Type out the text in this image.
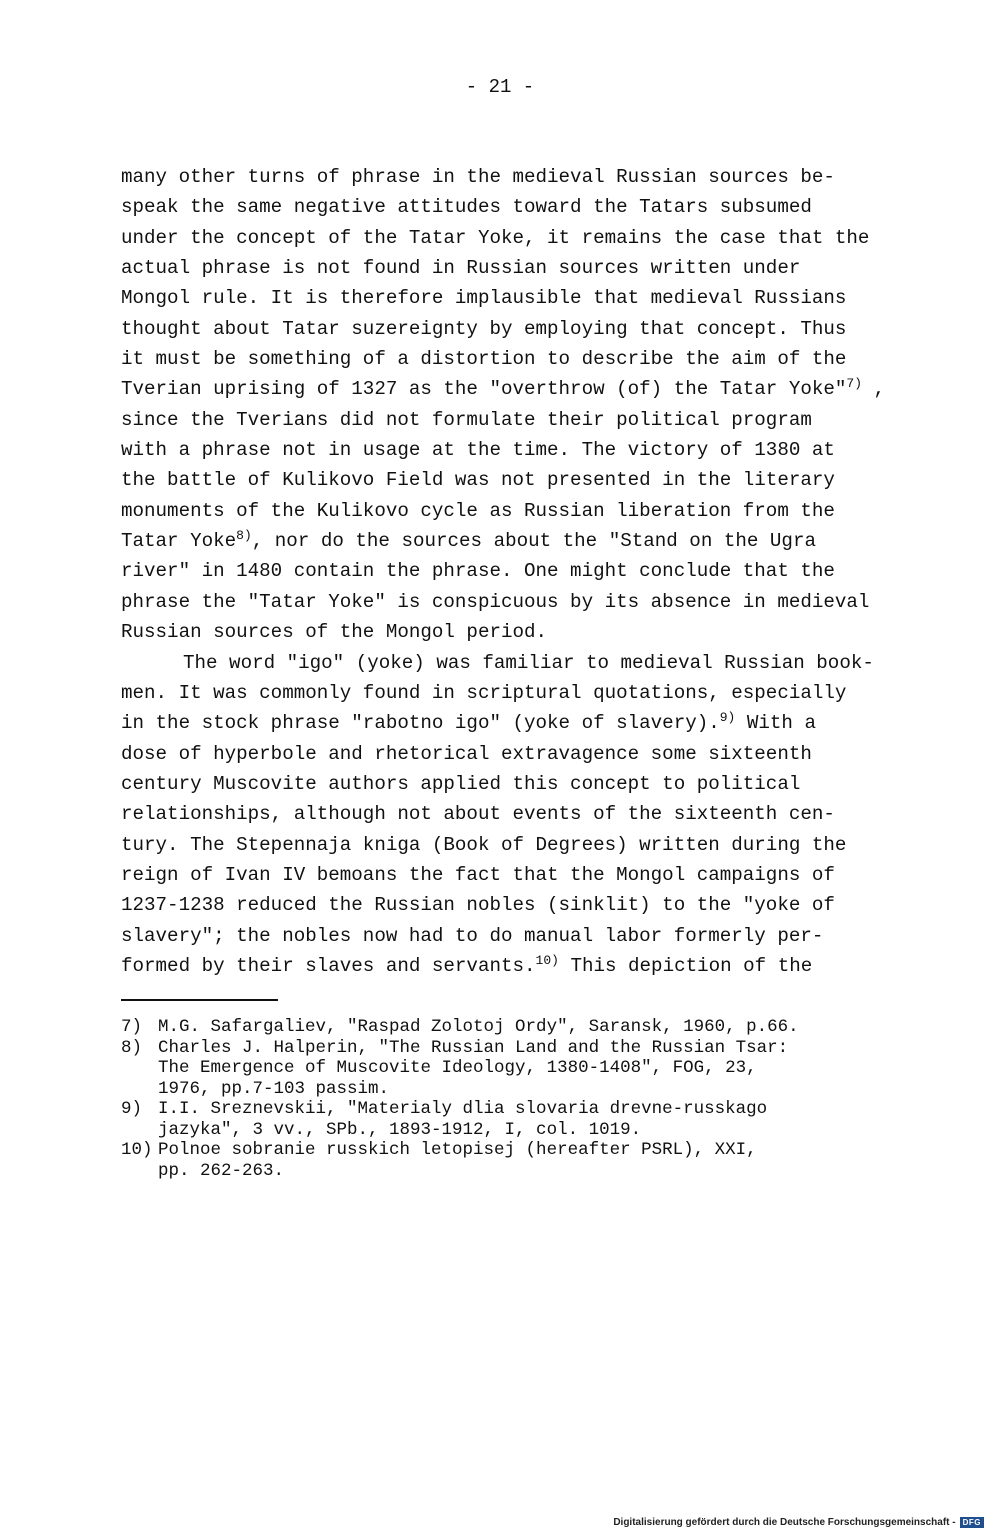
- 21 -
many other turns of phrase in the medieval Russian sources be-
speak the same negative attitudes toward the Tatars subsumed
under the concept of the Tatar Yoke, it remains the case that the
actual phrase is not found in Russian sources written under
Mongol rule. It is therefore implausible that medieval Russians
thought about Tatar suzereignty by employing that concept. Thus
it must be something of a distortion to describe the aim of the
Tverian uprising of 1327 as the "overthrow (of) the Tatar Yoke"$^{7)}$ ,
since the Tverians did not formulate their political program
with a phrase not in usage at the time. The victory of 1380 at
the battle of Kulikovo Field was not presented in the literary
monuments of the Kulikovo cycle as Russian liberation from the
Tatar Yoke$^{8)}$, nor do the sources about the "Stand on the Ugra
river" in 1480 contain the phrase. One might conclude that the
phrase the "Tatar Yoke" is conspicuous by its absence in medieval
Russian sources of the Mongol period.
The word "igo" (yoke) was familiar to medieval Russian book-
men. It was commonly found in scriptural quotations, especially
in the stock phrase "rabotno igo" (yoke of slavery).$^{9)}$ With a
dose of hyperbole and rhetorical extravagence some sixteenth
century Muscovite authors applied this concept to political
relationships, although not about events of the sixteenth cen-
tury. The Stepennaja kniga (Book of Degrees) written during the
reign of Ivan IV bemoans the fact that the Mongol campaigns of
1237-1238 reduced the Russian nobles (sinklit) to the "yoke of
slavery"; the nobles now had to do manual labor formerly per-
formed by their slaves and servants.$^{10)}$ This depiction of the
7) M.G. Safargaliev, "Raspad Zolotoj Ordy", Saransk, 1960, p.66.
8) Charles J. Halperin, "The Russian Land and the Russian Tsar:
The Emergence of Muscovite Ideology, 1380-1408", FOG, 23,
1976, pp.7-103 passim.
9) I.I. Sreznevskii, "Materialy dlia slovaria drevne-russkago
jazyka", 3 vv., SPb., 1893-1912, I, col. 1019.
10) Polnoe sobranie russkich letopisej (hereafter PSRL), XXI,
pp. 262-263.
Digitalisierung gefördert durch die Deutsche Forschungsgemeinschaft - DFG
